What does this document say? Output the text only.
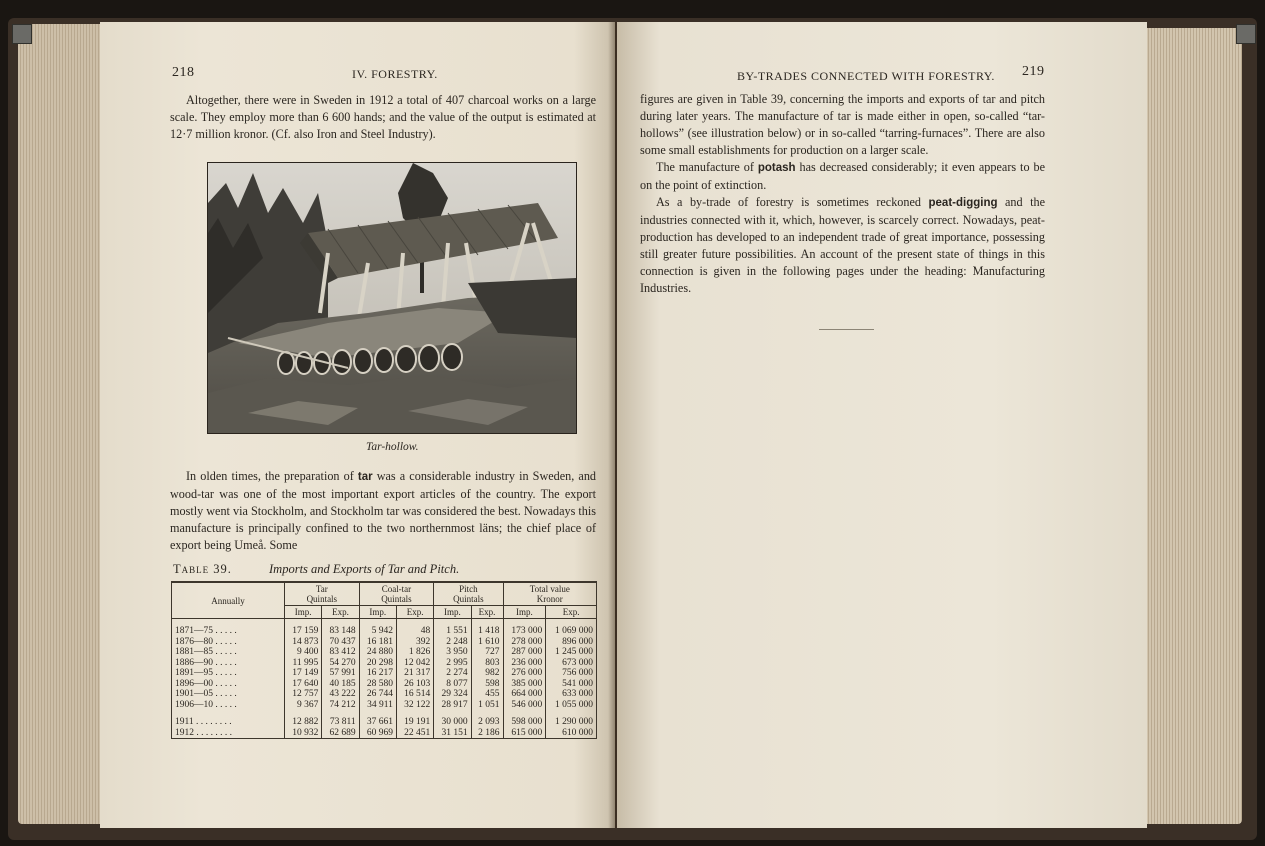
218	IV. FORESTRY.

Altogether, there were in Sweden in 1912 a total of 407 charcoal works on a large scale. They employ more than 6 600 hands; and the value of the output is estimated at 12·7 million kronor. (Cf. also Iron and Steel Industry).

Tar-hollow.

In olden times, the preparation of tar was a considerable industry in Sweden, and wood-tar was one of the most important export articles of the country. The export mostly went via Stockholm, and Stockholm tar was considered the best. Nowadays this manufacture is principally confined to the two northernmost läns; the chief place of export being Umeå. Some

Table 39.	Imports and Exports of Tar and Pitch.
Annually	Tar
Quintals		Coal-tar
Quintals		Pitch
Quintals		Total value
Kronor	
	Imp.	Exp.	Imp.	Exp.	Imp.	Exp.	Imp.	Exp.

1871—75 . . . . .	17 159	83 148	5 942	48	1 551	1 418	173 000	1 069 000
1876—80 . . . . .	14 873	70 437	16 181	392	2 248	1 610	278 000	896 000
1881—85 . . . . .	9 400	83 412	24 880	1 826	3 950	727	287 000	1 245 000
1886—90 . . . . .	11 995	54 270	20 298	12 042	2 995	803	236 000	673 000
1891—95 . . . . .	17 149	57 991	16 217	21 317	2 274	982	276 000	756 000
1896—00 . . . . .	17 640	40 185	28 580	26 103	8 077	598	385 000	541 000
1901—05 . . . . .	12 757	43 222	26 744	16 514	29 324	455	664 000	633 000
1906—10 . . . . .	9 367	74 212	34 911	32 122	28 917	1 051	546 000	1 055 000

1911 . . . . . . . .	12 882	73 811	37 661	19 191	30 000	2 093	598 000	1 290 000
1912 . . . . . . . .	10 932	62 689	60 969	22 451	31 151	2 186	615 000	610 000
BY-TRADES CONNECTED WITH FORESTRY. 219

figures are given in Table 39, concerning the imports and exports of tar and pitch during later years. The manufacture of tar is made either in open, so-called “tar-hollows” (see illustration below) or in so-called “tarring-furnaces”. There are also some small establishments for production on a larger scale.

The manufacture of potash has decreased considerably; it even appears to be on the point of extinction.

As a by-trade of forestry is sometimes reckoned peat-digging and the industries connected with it, which, however, is scarcely correct. Nowadays, peat-production has developed to an independent trade of great importance, possessing still greater future possibilities. An account of the present state of things in this connection is given in the following pages under the heading: Manufacturing Industries.
